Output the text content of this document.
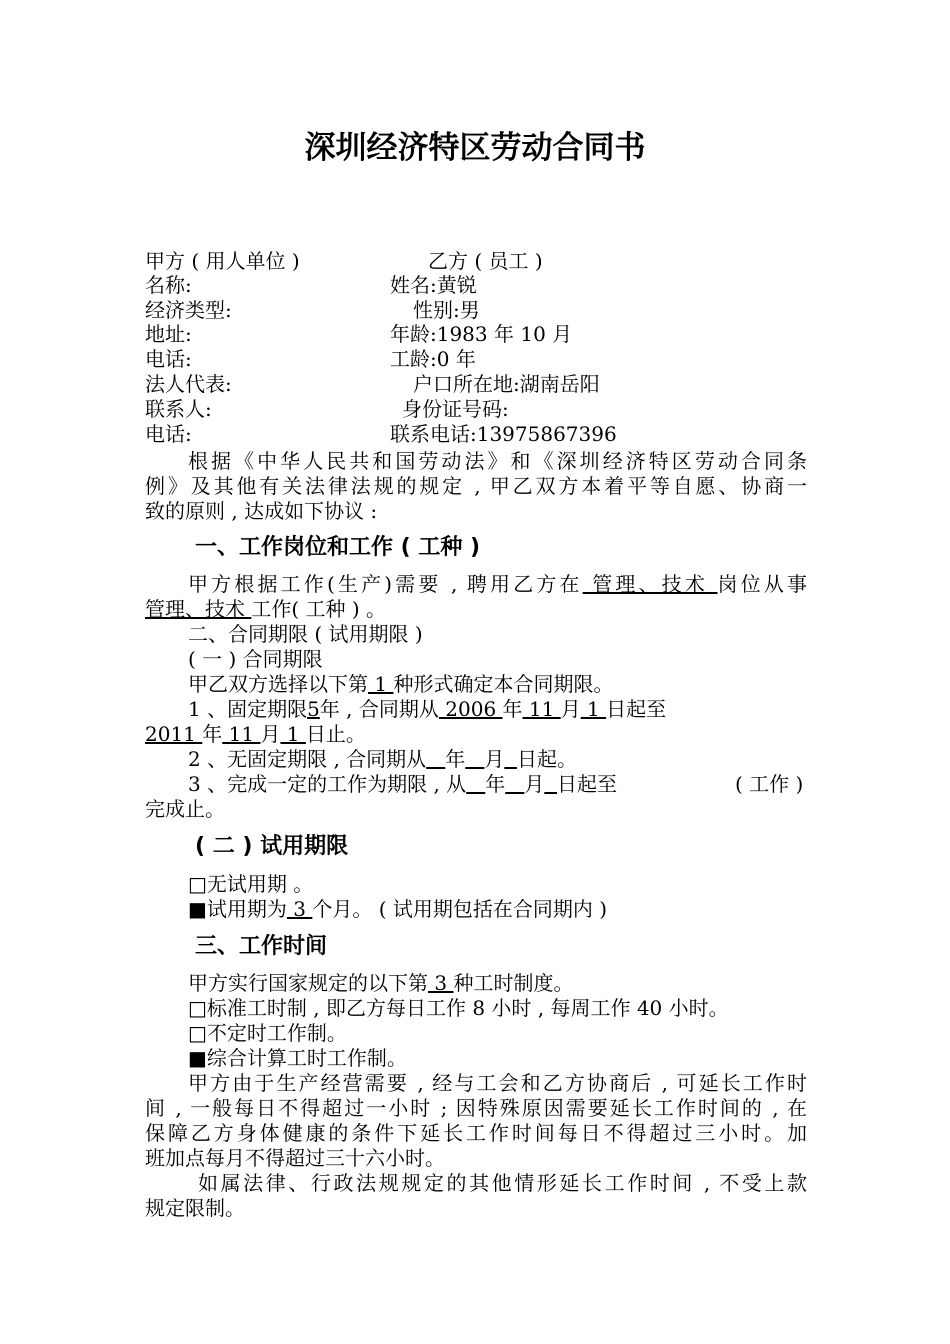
深圳经济特区劳动合同书
甲方 ( 用人单位 )	乙方 ( 员工 )
名称:	姓名:黄锐
经济类型:	性别:男
地址:	年龄:1983 年 10 月
电话:	工龄:0 年
法人代表:	户口所在地:湖南岳阳
联系人:	身份证号码:
电话:	联系电话:13975867396
根据《中华人民共和国劳动法》和《深圳经济特区劳动合同条
例》及其他有关法律法规的规定 , 甲乙双方本着平等自愿、协商一
致的原则 , 达成如下协议 :
一、工作岗位和工作 ( 工种 )
甲方根据工作(生产)需要 , 聘用乙方在 管理、技术 岗位从事
管理、技术 工作( 工种 ) 。
二、合同期限 ( 试用期限 )
( 一 ) 合同期限
甲乙双方选择以下第 1 种形式确定本合同期限。
1 、固定期限5年 , 合同期从 2006 年 11 月 1 日起至
2011 年 11 月 1 日止。
2 、无固定期限 , 合同期从 年 月 日起。
3 、完成一定的工作为期限 , 从 年 月 日起至	( 工作 )
完成止。
( 二 ) 试用期限
□无试用期 。
■试用期为 3 个月。 ( 试用期包括在合同期内 )
三、工作时间
甲方实行国家规定的以下第 3 种工时制度。
□标准工时制 , 即乙方每日工作 8 小时 , 每周工作 40 小时。
□不定时工作制。
■综合计算工时工作制。
甲方由于生产经营需要 , 经与工会和乙方协商后 , 可延长工作时
间 , 一般每日不得超过一小时 ; 因特殊原因需要延长工作时间的 , 在
保障乙方身体健康的条件下延长工作时间每日不得超过三小时。加
班加点每月不得超过三十六小时。
如属法律、行政法规规定的其他情形延长工作时间 , 不受上款
规定限制。
